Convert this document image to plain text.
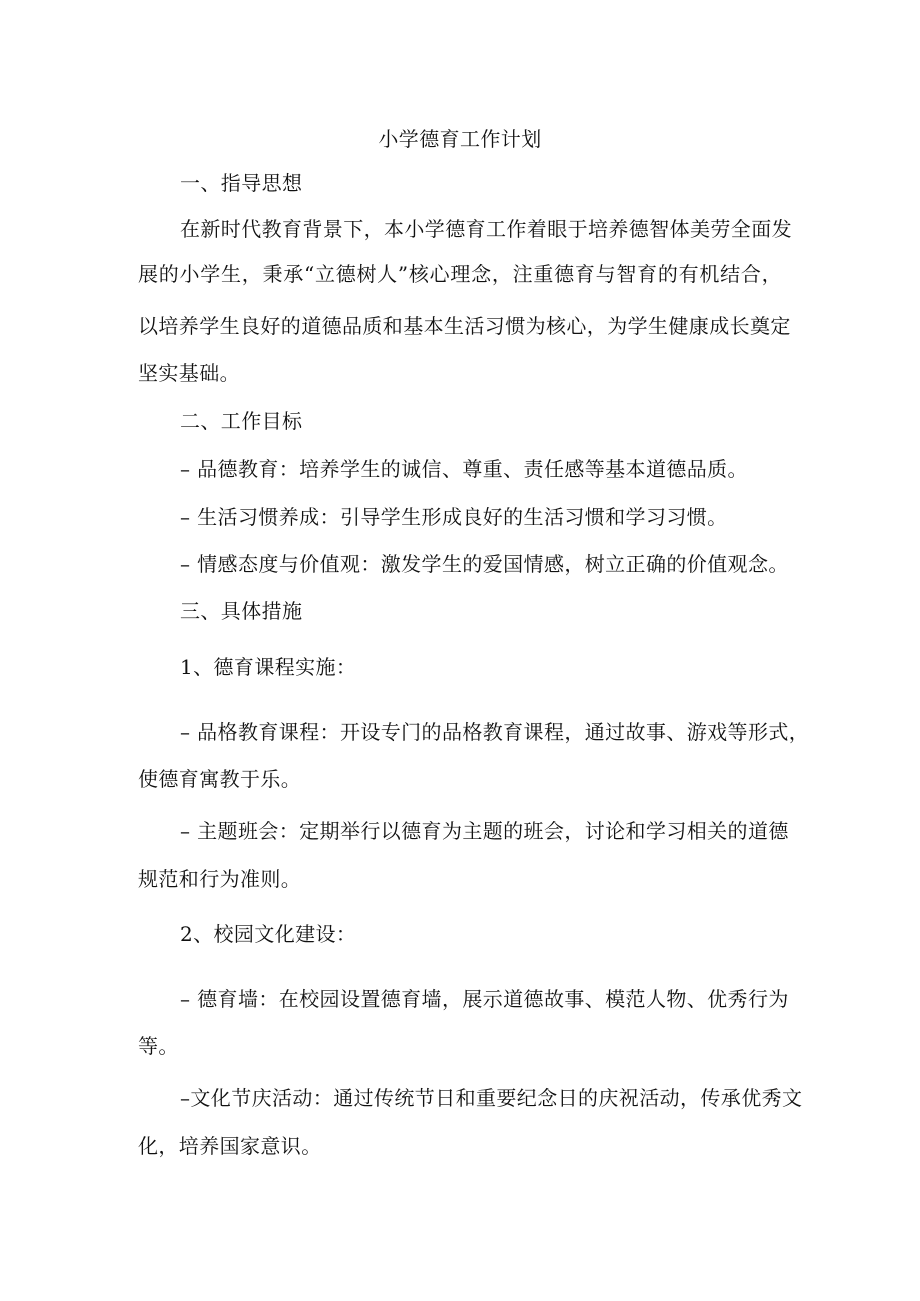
小学德育工作计划
一、指导思想
在新时代教育背景下，本小学德育工作着眼于培养德智体美劳全面发
展的小学生，秉承“立德树人”核心理念，注重德育与智育的有机结合，
以培养学生良好的道德品质和基本生活习惯为核心，为学生健康成长奠定
坚实基础。
二、工作目标
– 品德教育：培养学生的诚信、尊重、责任感等基本道德品质。
– 生活习惯养成：引导学生形成良好的生活习惯和学习习惯。
– 情感态度与价值观：激发学生的爱国情感，树立正确的价值观念。
三、具体措施
1、德育课程实施：
– 品格教育课程：开设专门的品格教育课程，通过故事、游戏等形式，
使德育寓教于乐。
– 主题班会：定期举行以德育为主题的班会，讨论和学习相关的道德
规范和行为准则。
2、校园文化建设：
– 德育墙：在校园设置德育墙，展示道德故事、模范人物、优秀行为
等。
–文化节庆活动：通过传统节日和重要纪念日的庆祝活动，传承优秀文
化，培养国家意识。
